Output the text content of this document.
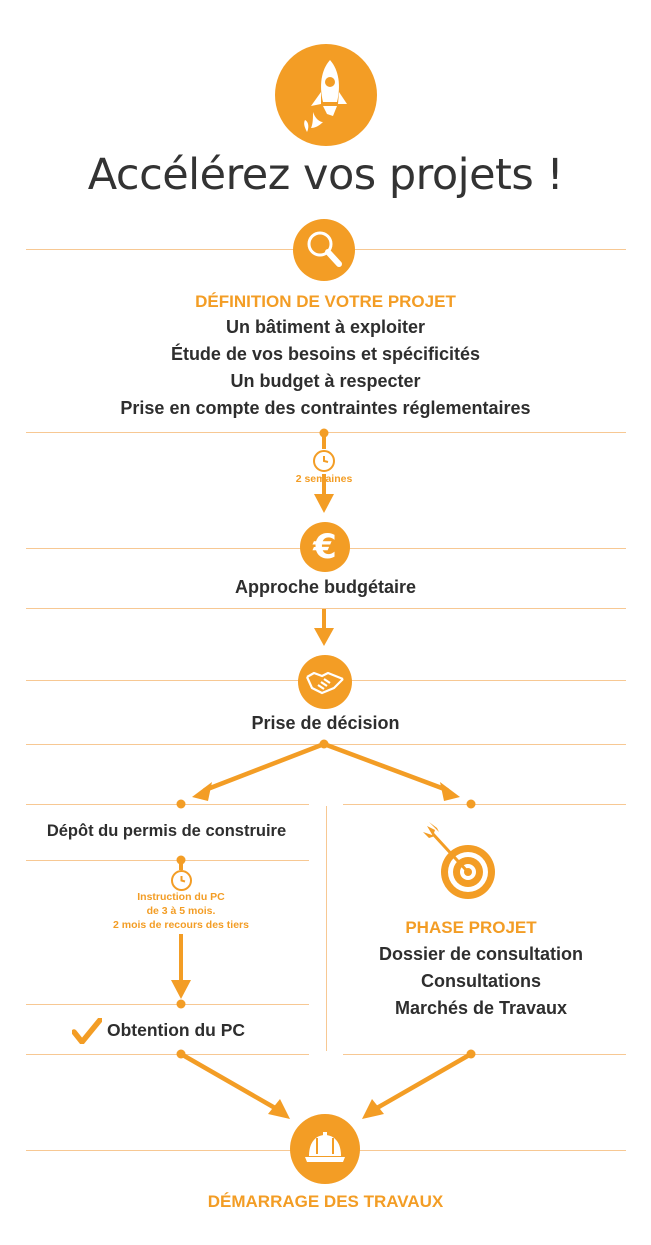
Accélérez vos projets !
DÉFINITION DE VOTRE PROJET
Un bâtiment à exploiter
Étude de vos besoins et spécificités
Un budget à respecter
Prise en compte des contraintes réglementaires
2 semaines
€
Approche budgétaire
Prise de décision
Dépôt du permis de construire
Instruction du PC
de 3 à 5 mois.
2 mois de recours des tiers
Obtention du PC
PHASE PROJET
Dossier de consultation
Consultations
Marchés de Travaux
DÉMARRAGE DES TRAVAUX
